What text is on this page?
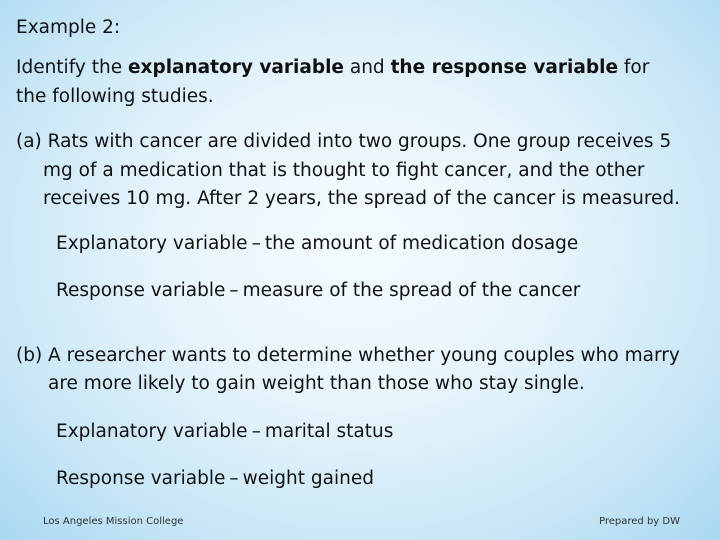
Example 2:
Identify the explanatory variable and the response variable for
the following studies.
(a) Rats with cancer are divided into two groups. One group receives 5
mg of a medication that is thought to fight cancer, and the other
receives 10 mg. After 2 years, the spread of the cancer is measured.
Explanatory variable – the amount of medication dosage
Response variable – measure of the spread of the cancer
(b) A researcher wants to determine whether young couples who marry
are more likely to gain weight than those who stay single.
Explanatory variable – marital status
Response variable – weight gained
Los Angeles Mission College	Prepared by DW
